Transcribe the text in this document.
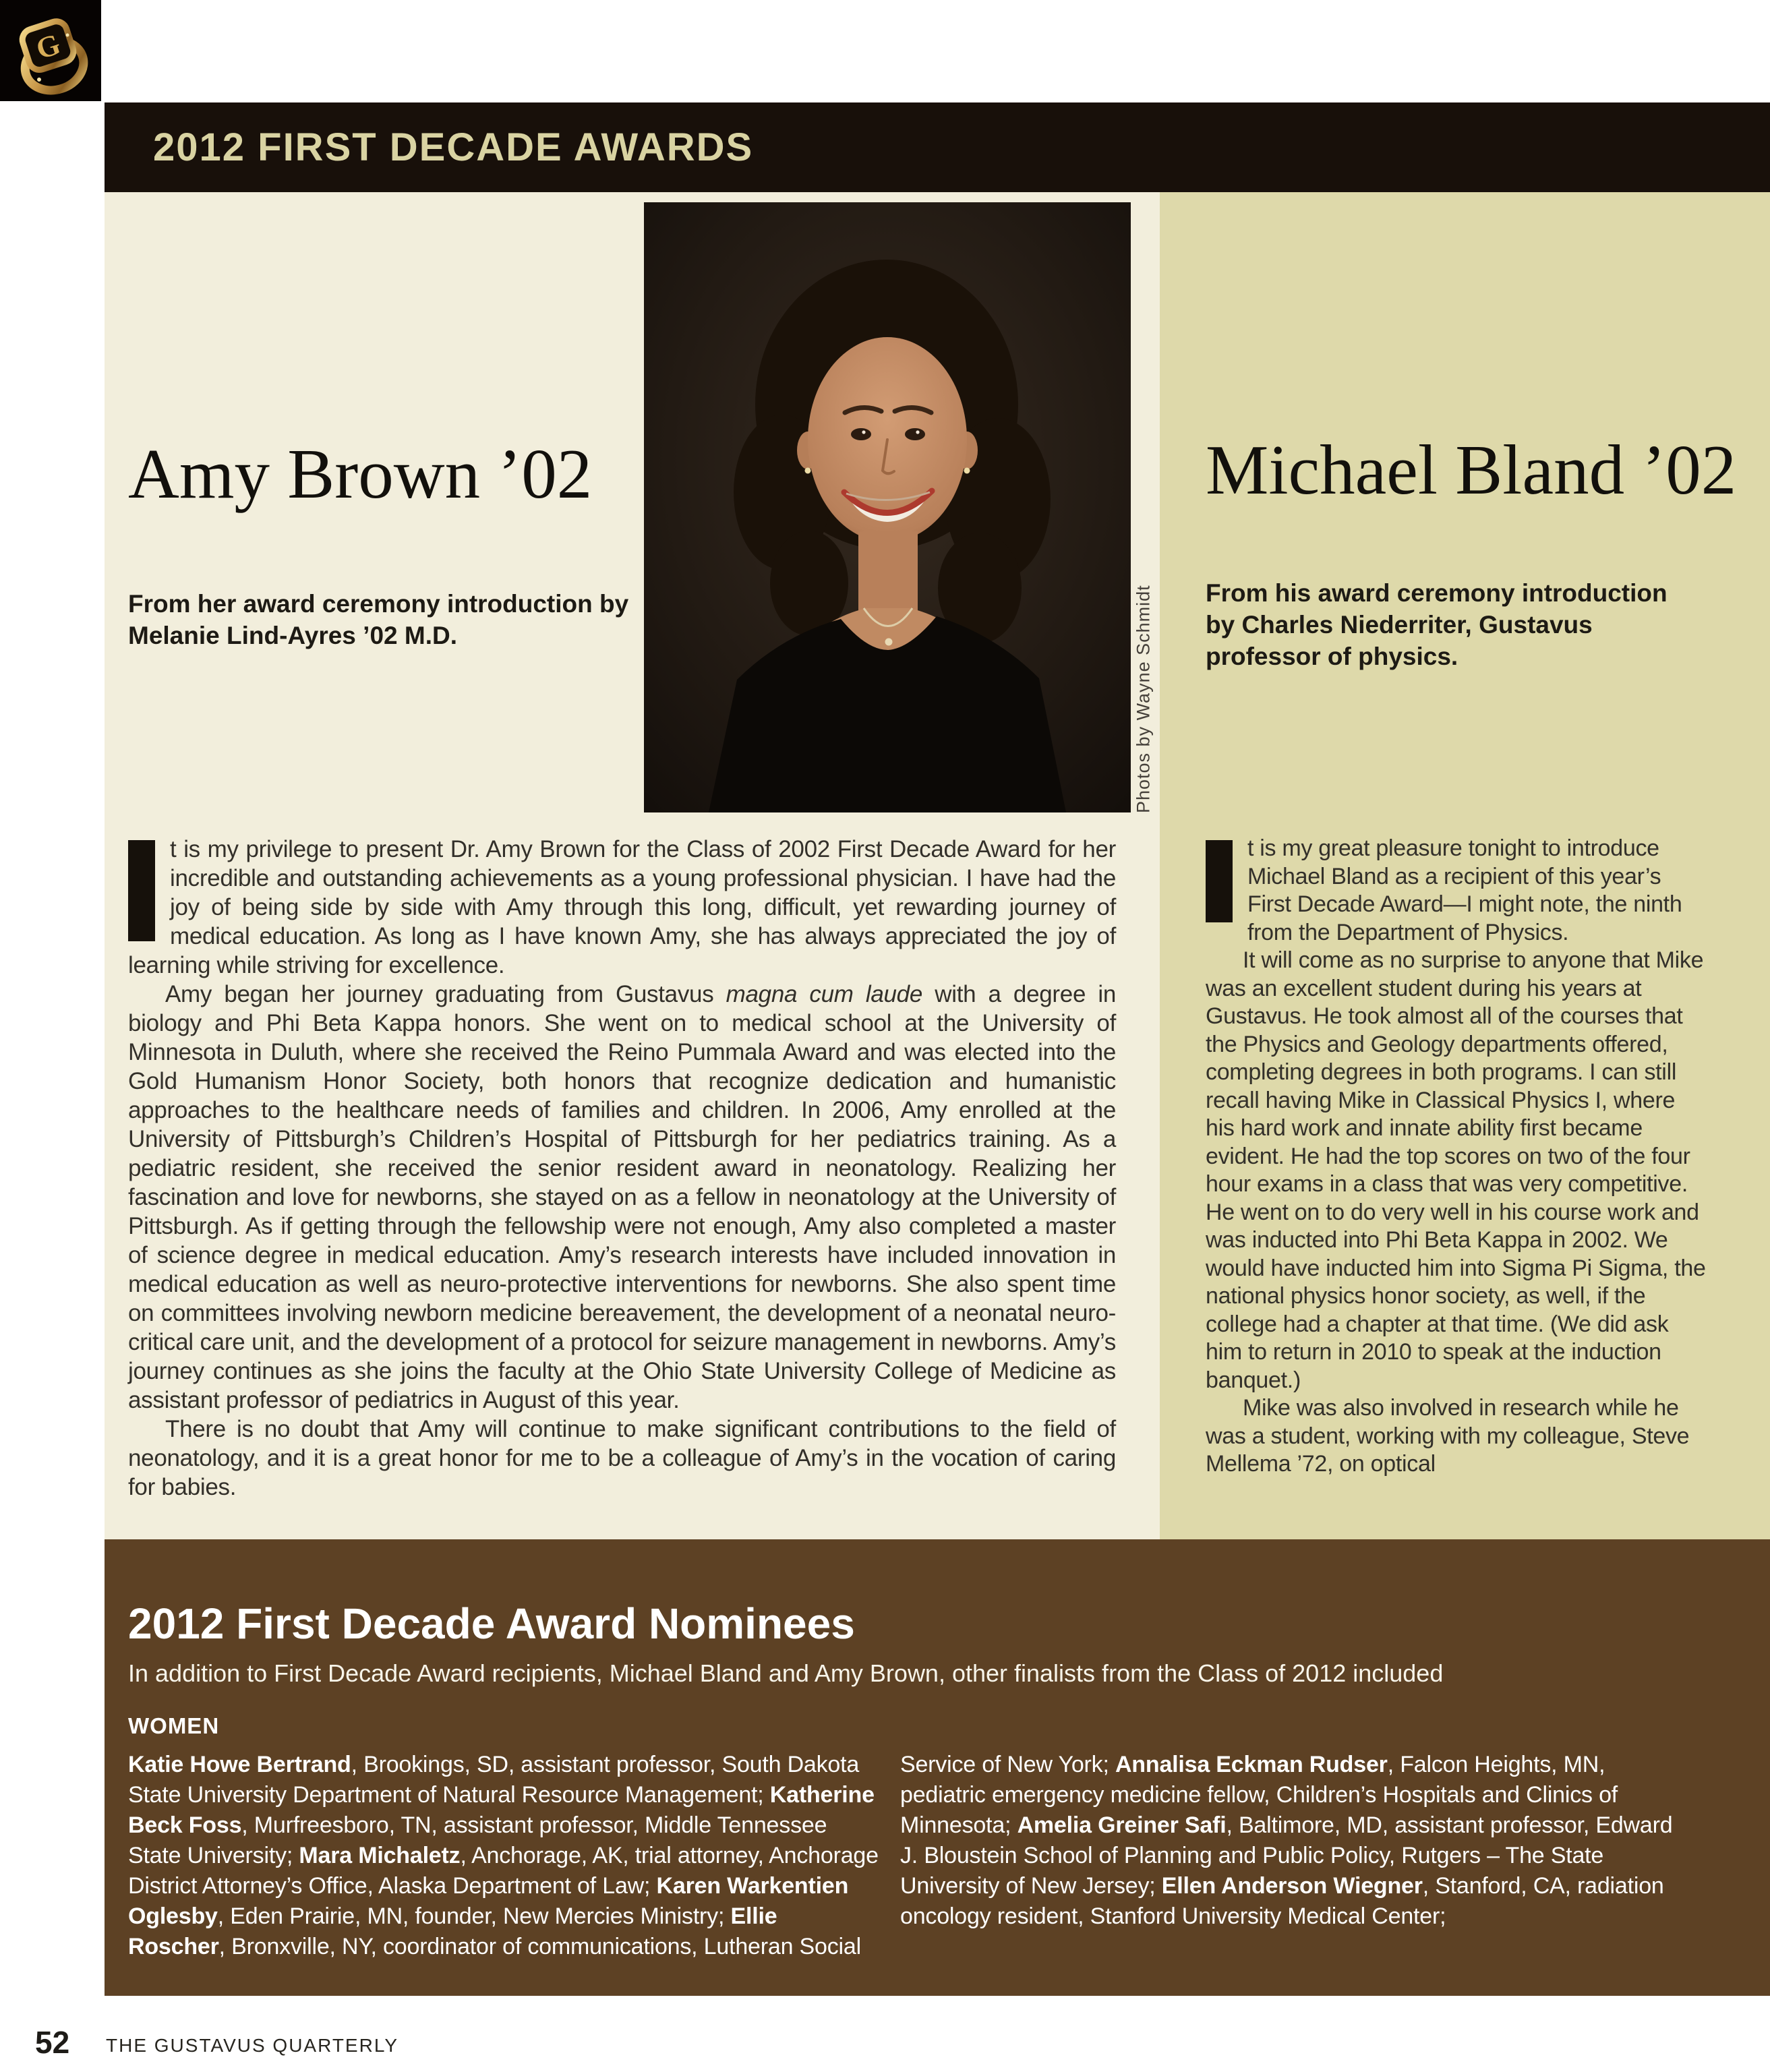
G
2012 FIRST DECADE AWARDS
Photos by Wayne Schmidt
Amy Brown ’02
From her award ceremony introduction by Melanie Lind-Ayres ’02 M.D.

t is my privilege to present Dr. Amy Brown for the Class of 2002 First Decade Award for her incredible and outstanding achievements as a young professional physician. I have had the joy of being side by side with Amy through this long, difficult, yet rewarding journey of medical education. As long as I have known Amy, she has always appreciated the joy of learning while striving for excellence.

Amy began her journey graduating from Gustavus magna cum laude with a degree in biology and Phi Beta Kappa honors. She went on to medical school at the University of Minnesota in Duluth, where she received the Reino Pummala Award and was elected into the Gold Humanism Honor Society, both honors that recognize dedication and humanistic approaches to the healthcare needs of families and children. In 2006, Amy enrolled at the University of Pittsburgh’s Children’s Hospital of Pittsburgh for her pediatrics training. As a pediatric resident, she received the senior resident award in neonatology. Realizing her fascination and love for newborns, she stayed on as a fellow in neonatology at the University of Pittsburgh. As if getting through the fellowship were not enough, Amy also completed a master of science degree in medical education. Amy’s research interests have included innovation in medical education as well as neuro-protective interventions for newborns. She also spent time on committees involving newborn medicine bereavement, the development of a neonatal neuro-critical care unit, and the development of a protocol for seizure management in newborns. Amy’s journey continues as she joins the faculty at the Ohio State University College of Medicine as assistant professor of pediatrics in August of this year.

There is no doubt that Amy will continue to make significant contributions to the field of neonatology, and it is a great honor for me to be a colleague of Amy’s in the vocation of caring for babies.

Michael Bland ’02
From his award ceremony introduction by Charles Niederriter, Gustavus professor of physics.

t is my great pleasure tonight to introduce Michael Bland as a recipient of this year’s First Decade Award—I might note, the ninth from the Department of Physics.

It will come as no surprise to anyone that Mike was an excellent student during his years at Gustavus. He took almost all of the courses that the Physics and Geology departments offered, completing degrees in both programs. I can still recall having Mike in Classical Physics I, where his hard work and innate ability first became evident. He had the top scores on two of the four hour exams in a class that was very competitive. He went on to do very well in his course work and was inducted into Phi Beta Kappa in 2002. We would have inducted him into Sigma Pi Sigma, the national physics honor society, as well, if the college had a chapter at that time. (We did ask him to return in 2010 to speak at the induction banquet.)

Mike was also involved in research while he was a student, working with my colleague, Steve Mellema ’72, on optical

2012 First Decade Award Nominees
In addition to First Decade Award recipients, Michael Bland and Amy Brown, other finalists from the Class of 2012 included
WOMEN
Katie Howe Bertrand, Brookings, SD, assistant professor, South Dakota State University Department of Natural Resource Management; Katherine Beck Foss, Murfreesboro, TN, assistant professor, Middle Tennessee State University; Mara Michaletz, Anchorage, AK, trial attorney, Anchorage District Attorney’s Office, Alaska Department of Law; Karen Warkentien Oglesby, Eden Prairie, MN, founder, New Mercies Ministry; Ellie Roscher, Bronxville, NY, coordinator of communications, Lutheran Social
Service of New York; Annalisa Eckman Rudser, Falcon Heights, MN, pediatric emergency medicine fellow, Children’s Hospitals and Clinics of Minnesota; Amelia Greiner Safi, Baltimore, MD, assistant professor, Edward J. Bloustein School of Planning and Public Policy, Rutgers – The State University of New Jersey; Ellen Anderson Wiegner, Stanford, CA, radiation oncology resident, Stanford University Medical Center;
52 THE GUSTAVUS QUARTERLY
